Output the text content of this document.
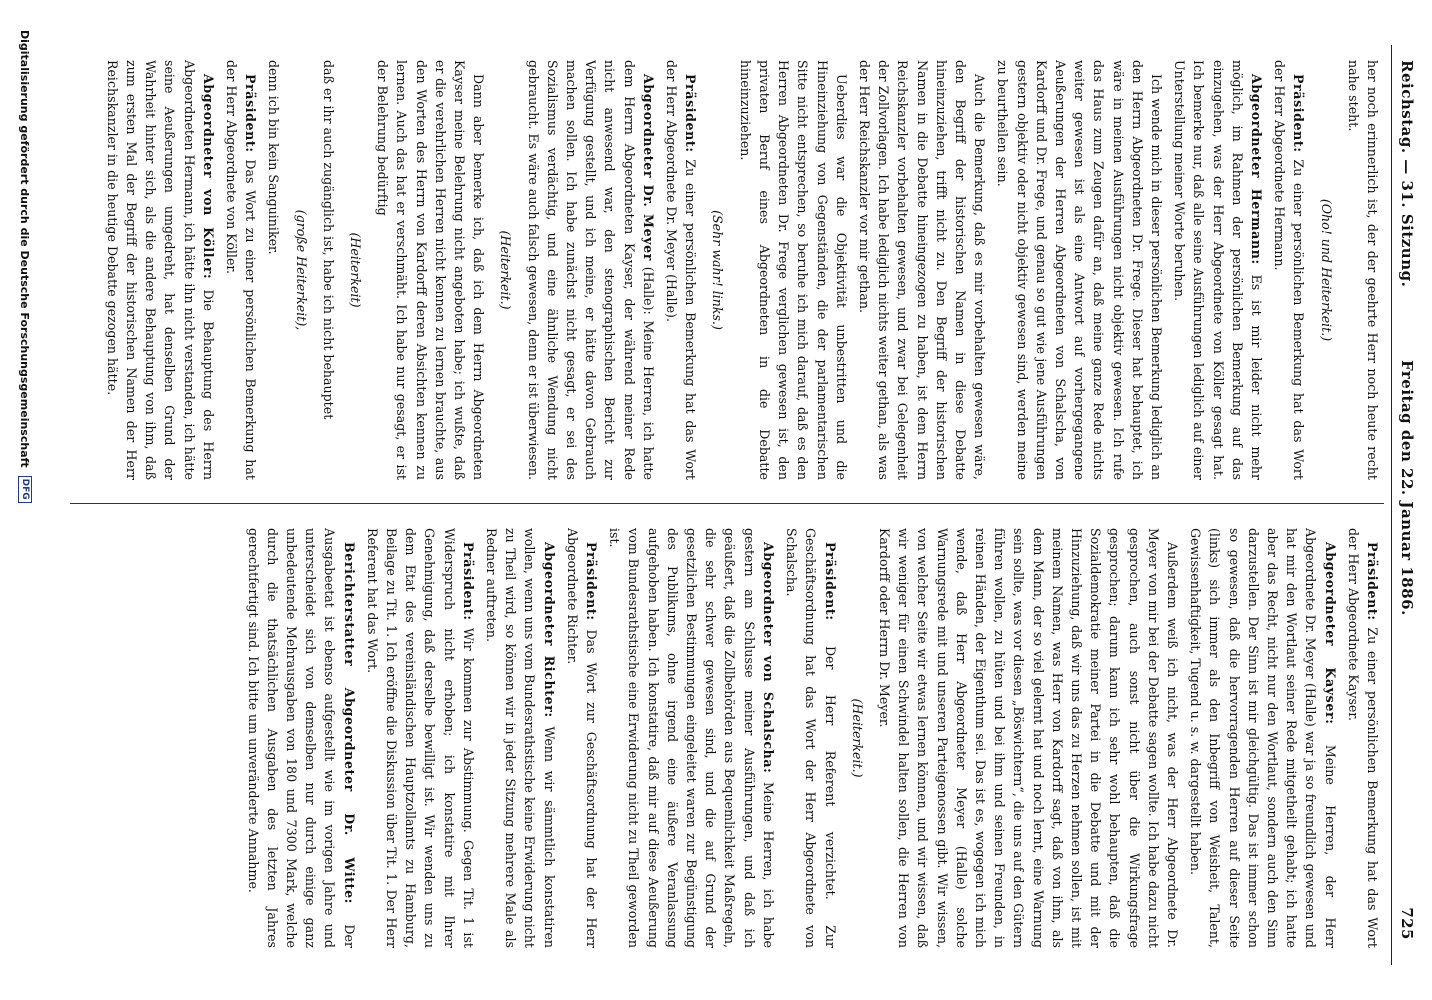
Reichstag. — 31. Sitzung.
Freitag den 22. Januar 1886.
725

her noch erinnerlich ist, der der geehrte Herr noch heute recht nahe steht.

(Oho! und Heiterkeit.)

Präsident: Zu einer persönlichen Bemerkung hat das Wort der Herr Abgeordnete Hermann.

Abgeordneter Hermann: Es ist mir leider nicht mehr möglich, im Rahmen der persönlichen Bemerkung auf das einzugehen, was der Herr Abgeordnete von Köller gesagt hat. Ich bemerke nur, daß alle seine Ausführungen lediglich auf einer Unterstellung meiner Worte beruhen.

Ich wende mich in dieser persönlichen Bemerkung lediglich an den Herrn Abgeordneten Dr. Frege. Dieser hat behauptet, ich wäre in meinen Ausführungen nicht objektiv gewesen. Ich rufe das Haus zum Zeugen dafür an, daß meine ganze Rede nichts weiter gewesen ist als eine Antwort auf vorhergegangene Aeußerungen der Herren Abgeordneten von Schalscha, von Kardorff und Dr. Frege, und genau so gut wie jene Ausführungen gestern objektiv oder nicht objektiv gewesen sind, werden meine zu beurtheilen sein.

Auch die Bemerkung, daß es mir vorbehalten gewesen wäre, den Begriff der historischen Namen in diese Debatte hineinzuziehen, trifft nicht zu. Den Begriff der historischen Namen in die Debatte hineingezogen zu haben, ist dem Herrn Reichskanzler vorbehalten gewesen, und zwar bei Gelegenheit der Zollvorlagen. Ich habe lediglich nichts weiter gethan, als was der Herr Reichskanzler vor mir gethan.

Ueberdies war die Objektivität unbestritten und die Hineinziehung von Gegenständen, die der parlamentarischen Sitte nicht entsprechen, so beruhe ich mich darauf, daß es den Herren Abgeordneten Dr. Frege verglichen gewesen ist, den privaten Beruf eines Abgeordneten in die Debatte hineinzuziehen.

(Sehr wahr! links.)

Präsident: Zu einer persönlichen Bemerkung hat das Wort der Herr Abgeordnete Dr. Meyer (Halle).

Abgeordneter Dr. Meyer (Halle): Meine Herren, ich hatte dem Herrn Abgeordneten Kayser, der während meiner Rede nicht anwesend war, den stenographischen Bericht zur Verfügung gestellt, und ich meine, er hätte davon Gebrauch machen sollen. Ich habe zunächst nicht gesagt, er sei des Sozialismus verdächtig, und eine ähnliche Wendung nicht gebraucht. Es wäre auch falsch gewesen, denn er ist überwiesen.

(Heiterkeit.)

Dann aber bemerke ich, daß ich dem Herrn Abgeordneten Kayser meine Belehrung nicht angeboten habe; ich wußte, daß er die verehrlichen Herren nicht kennen zu lernen brauchte, aus den Worten des Herrn von Kardorff deren Absichten kennen zu lernen. Auch das hat er verschmäht. Ich habe nur gesagt, er ist der Belehrung bedürftig

(Heiterkeit)

daß er ihr auch zugänglich ist, habe ich nicht behauptet

(große Heiterkeit),

denn ich bin kein Sanguiniker.

Präsident: Das Wort zu einer persönlichen Bemerkung hat der Herr Abgeordnete von Köller.

Abgeordneter von Köller: Die Behauptung des Herrn Abgeordneten Hermann, ich hätte ihn nicht verstanden, ich hätte seine Aeußerungen umgedreht, hat denselben Grund der Wahrheit hinter sich, als die andere Behauptung von ihm, daß zum ersten Mal der Begriff der historischen Namen der Herr Reichskanzler in die heutige Debatte gezogen hätte.

Präsident: Zu einer persönlichen Bemerkung hat das Wort der Herr Abgeordnete Kayser.

Abgeordneter Kayser: Meine Herren, der Herr Abgeordnete Dr. Meyer (Halle) war ja so freundlich gewesen und hat mir den Wortlaut seiner Rede mitgetheilt gehabt; ich hatte aber das Recht, nicht nur den Wortlaut, sondern auch den Sinn darzustellen. Der Sinn ist mir gleichgültig. Das ist immer schon so gewesen, daß die hervorragenden Herren auf dieser Seite (links) sich immer als den Inbegriff von Weisheit, Talent, Gewissenhaftigkeit, Tugend u. s. w. dargestellt haben.

Außerdem weiß ich nicht, was der Herr Abgeordnete Dr. Meyer von mir bei der Debatte sagen wollte. Ich habe dazu nicht gesprochen, auch sonst nicht über die Wirkungsfrage gesprochen; darum kann ich sehr wohl behaupten, daß die Sozialdemokratie meiner Partei in die Debatte und mit der Hinzuziehung, daß wir uns das zu Herzen nehmen sollen, ist mit meinem Namen, was Herr von Kardorff sagt, daß von ihm, als dem Mann, der so viel gelernt hat und noch lernt, eine Warnung sein sollte, was vor diesen „Böswichtern“, die uns auf den Gütern führen wollen, zu hüten und bei ihm und seinen Freunden, in reinen Händen, der Eigenthum sei. Das ist es, wogegen ich mich wende, daß Herr Abgeordneter Meyer (Halle) solche Warnungsrede mit und unseren Parteigenossen gibt. Wir wissen, von welcher Seite wir etwas lernen können, und wir wissen, daß wir weniger für einen Schwindel halten sollen, die Herren von Kardorff oder Herrn Dr. Meyer.

(Heiterkeit.)

Präsident: Der Herr Referent verzichtet. Zur Geschäftsordnung hat das Wort der Herr Abgeordnete von Schalscha.

Abgeordneter von Schalscha: Meine Herren, ich habe gestern am Schlusse meiner Ausführungen, und daß ich geäußert, daß die Zollbehörden aus Bequemlichkeit Maßregeln, die sehr schwer gewesen sind, und die auf Grund der gesetzlichen Bestimmungen eingeleitet waren zur Begünstigung des Publikums, ohne irgend eine äußere Veranlassung aufgehoben haben. Ich konstatire, daß mir auf diese Aeußerung vom Bundesrathstische eine Erwiderung nicht zu Theil geworden ist.

Präsident: Das Wort zur Geschäftsordnung hat der Herr Abgeordnete Richter.

Abgeordneter Richter: Wenn wir sämmtlich konstatiren wollen, wenn uns vom Bundesrathstische keine Erwiderung nicht zu Theil wird, so können wir in jeder Sitzung mehrere Male als Redner auftreten.

Präsident: Wir kommen zur Abstimmung. Gegen Tit. 1 ist Widerspruch nicht erhoben; ich konstatire mit Ihrer Genehmigung, daß derselbe bewilligt ist. Wir wenden uns zu dem Etat des vereinsländischen Hauptzollamts zu Hamburg, Beilage zu Tit. 1. Ich eröffne die Diskussion über Tit. 1. Der Herr Referent hat das Wort.

Berichterstatter Abgeordneter Dr. Witte: Der Ausgabeetat ist ebenso aufgestellt wie im vorigen Jahre und unterscheidet sich von demselben nur durch einige ganz unbedeutende Mehrausgaben von 180 und 7300 Mark, welche durch die thatsächlichen Ausgaben des letzten Jahres gerechtfertigt sind. Ich bitte um unveränderte Annahme.

Digitalisierung gefördert durch die Deutsche Forschungsgemeinschaft
DFG
